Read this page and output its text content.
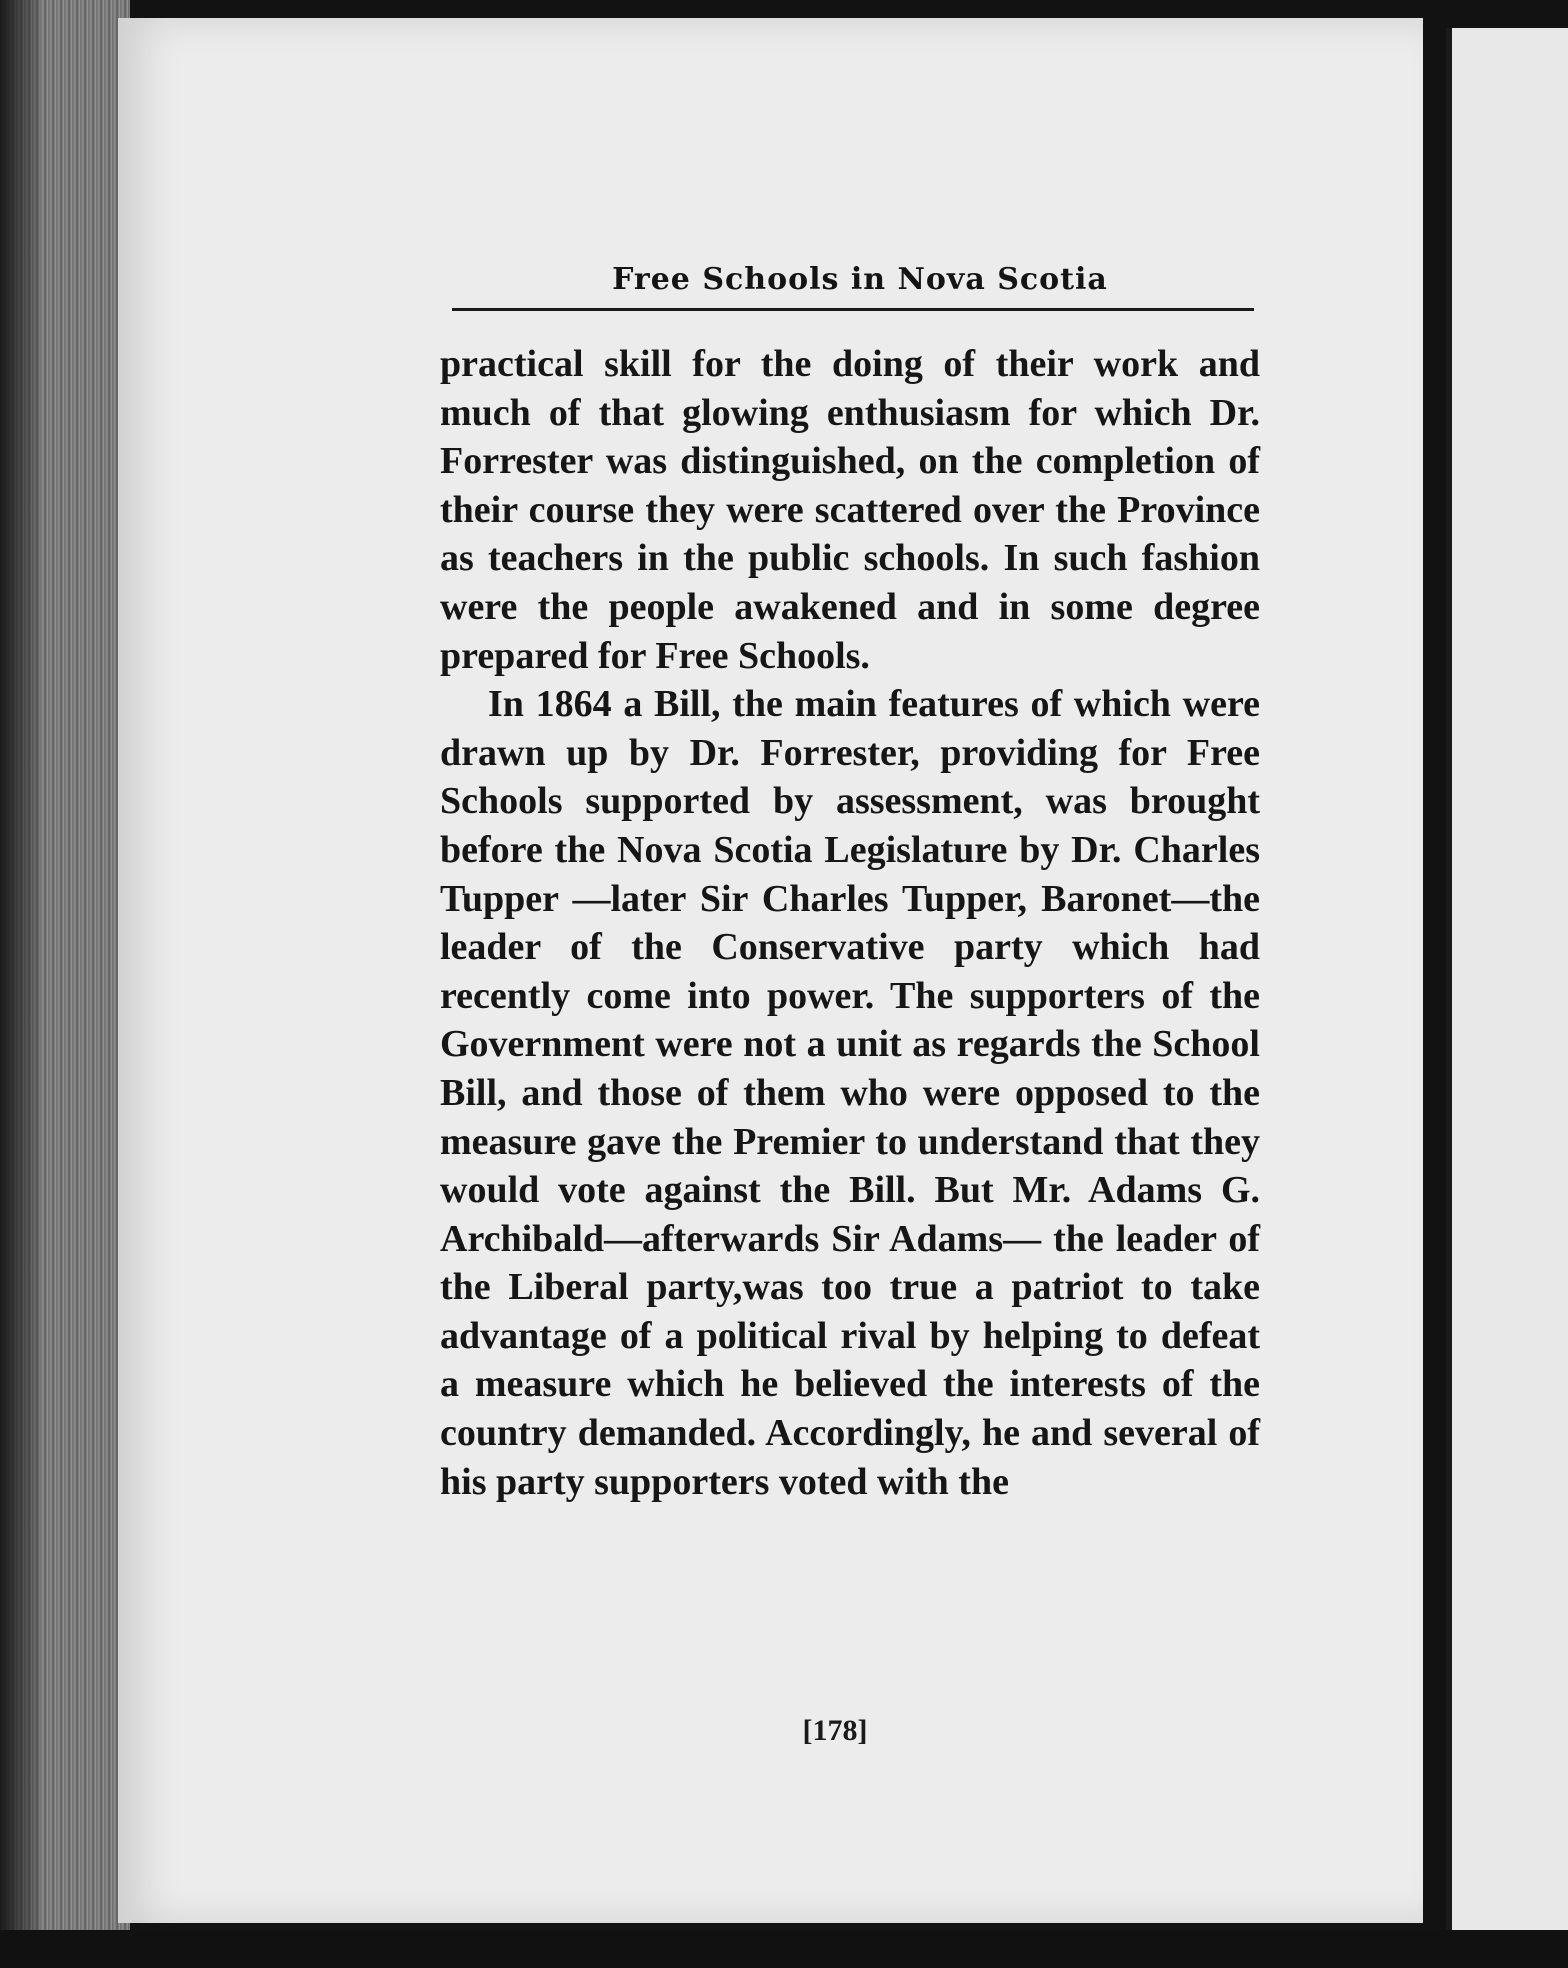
Free Schools in Nova Scotia

practical skill for the doing of their work and much of that glowing enthusiasm for which Dr. Forrester was distinguished, on the completion of their course they were scattered over the Province as teachers in the public schools. In such fashion were the people awakened and in some degree prepared for Free Schools.

In 1864 a Bill, the main features of which were drawn up by Dr. Forrester, providing for Free Schools supported by assessment, was brought before the Nova Scotia Legislature by Dr. Charles Tupper —later Sir Charles Tupper, Baronet—the leader of the Conservative party which had recently come into power. The supporters of the Government were not a unit as regards the School Bill, and those of them who were opposed to the measure gave the Premier to understand that they would vote against the Bill. But Mr. Adams G. Archibald—afterwards Sir Adams— the leader of the Liberal party,was too true a patriot to take advantage of a political rival by helping to defeat a measure which he believed the interests of the country demanded. Accordingly, he and several of his party supporters voted with the

[178]
